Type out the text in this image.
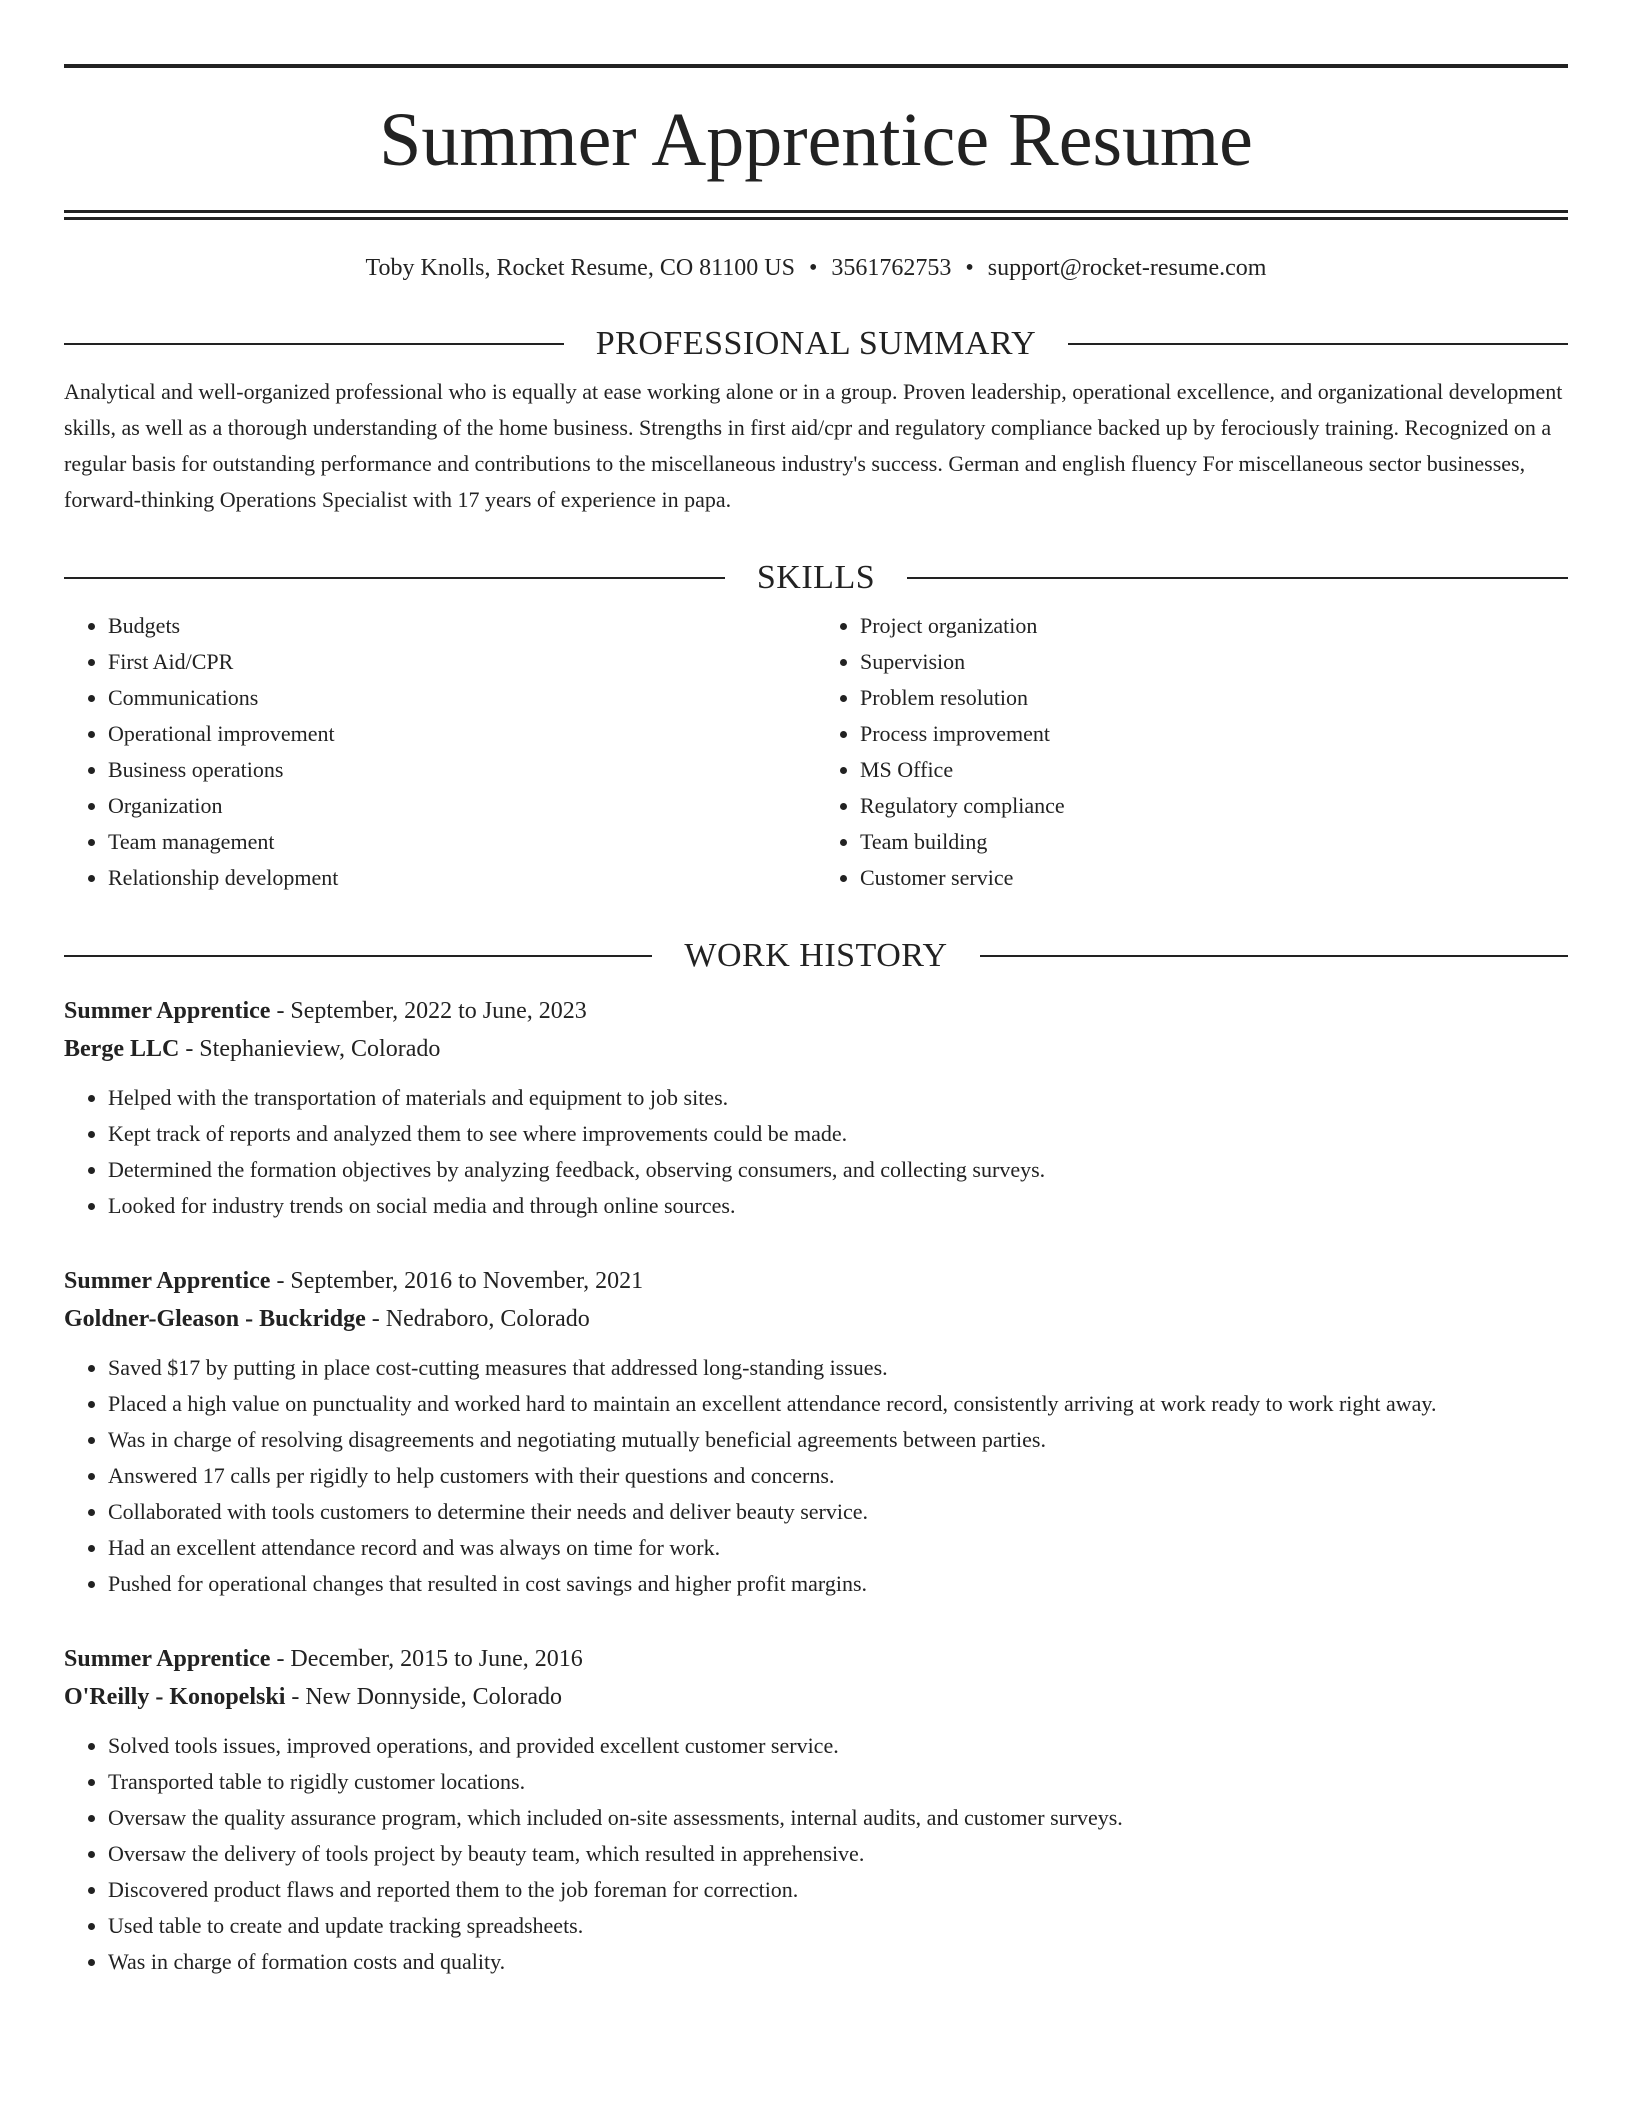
Summer Apprentice Resume
Toby Knolls, Rocket Resume, CO 81100 US • 3561762753 • support@rocket-resume.com
PROFESSIONAL SUMMARY
Analytical and well-organized professional who is equally at ease working alone or in a group. Proven leadership, operational excellence, and organizational development skills, as well as a thorough understanding of the home business. Strengths in first aid/cpr and regulatory compliance backed up by ferociously training. Recognized on a regular basis for outstanding performance and contributions to the miscellaneous industry's success. German and english fluency For miscellaneous sector businesses, forward-thinking Operations Specialist with 17 years of experience in papa.
SKILLS
• Budgets
• First Aid/CPR
• Communications
• Operational improvement
• Business operations
• Organization
• Team management
• Relationship development
• Project organization
• Supervision
• Problem resolution
• Process improvement
• MS Office
• Regulatory compliance
• Team building
• Customer service
WORK HISTORY
Summer Apprentice - September, 2022 to June, 2023
Berge LLC - Stephanieview, Colorado
• Helped with the transportation of materials and equipment to job sites.
• Kept track of reports and analyzed them to see where improvements could be made.
• Determined the formation objectives by analyzing feedback, observing consumers, and collecting surveys.
• Looked for industry trends on social media and through online sources.
Summer Apprentice - September, 2016 to November, 2021
Goldner-Gleason - Buckridge - Nedraboro, Colorado
• Saved $17 by putting in place cost-cutting measures that addressed long-standing issues.
• Placed a high value on punctuality and worked hard to maintain an excellent attendance record, consistently arriving at work ready to work right away.
• Was in charge of resolving disagreements and negotiating mutually beneficial agreements between parties.
• Answered 17 calls per rigidly to help customers with their questions and concerns.
• Collaborated with tools customers to determine their needs and deliver beauty service.
• Had an excellent attendance record and was always on time for work.
• Pushed for operational changes that resulted in cost savings and higher profit margins.
Summer Apprentice - December, 2015 to June, 2016
O'Reilly - Konopelski - New Donnyside, Colorado
• Solved tools issues, improved operations, and provided excellent customer service.
• Transported table to rigidly customer locations.
• Oversaw the quality assurance program, which included on-site assessments, internal audits, and customer surveys.
• Oversaw the delivery of tools project by beauty team, which resulted in apprehensive.
• Discovered product flaws and reported them to the job foreman for correction.
• Used table to create and update tracking spreadsheets.
• Was in charge of formation costs and quality.
